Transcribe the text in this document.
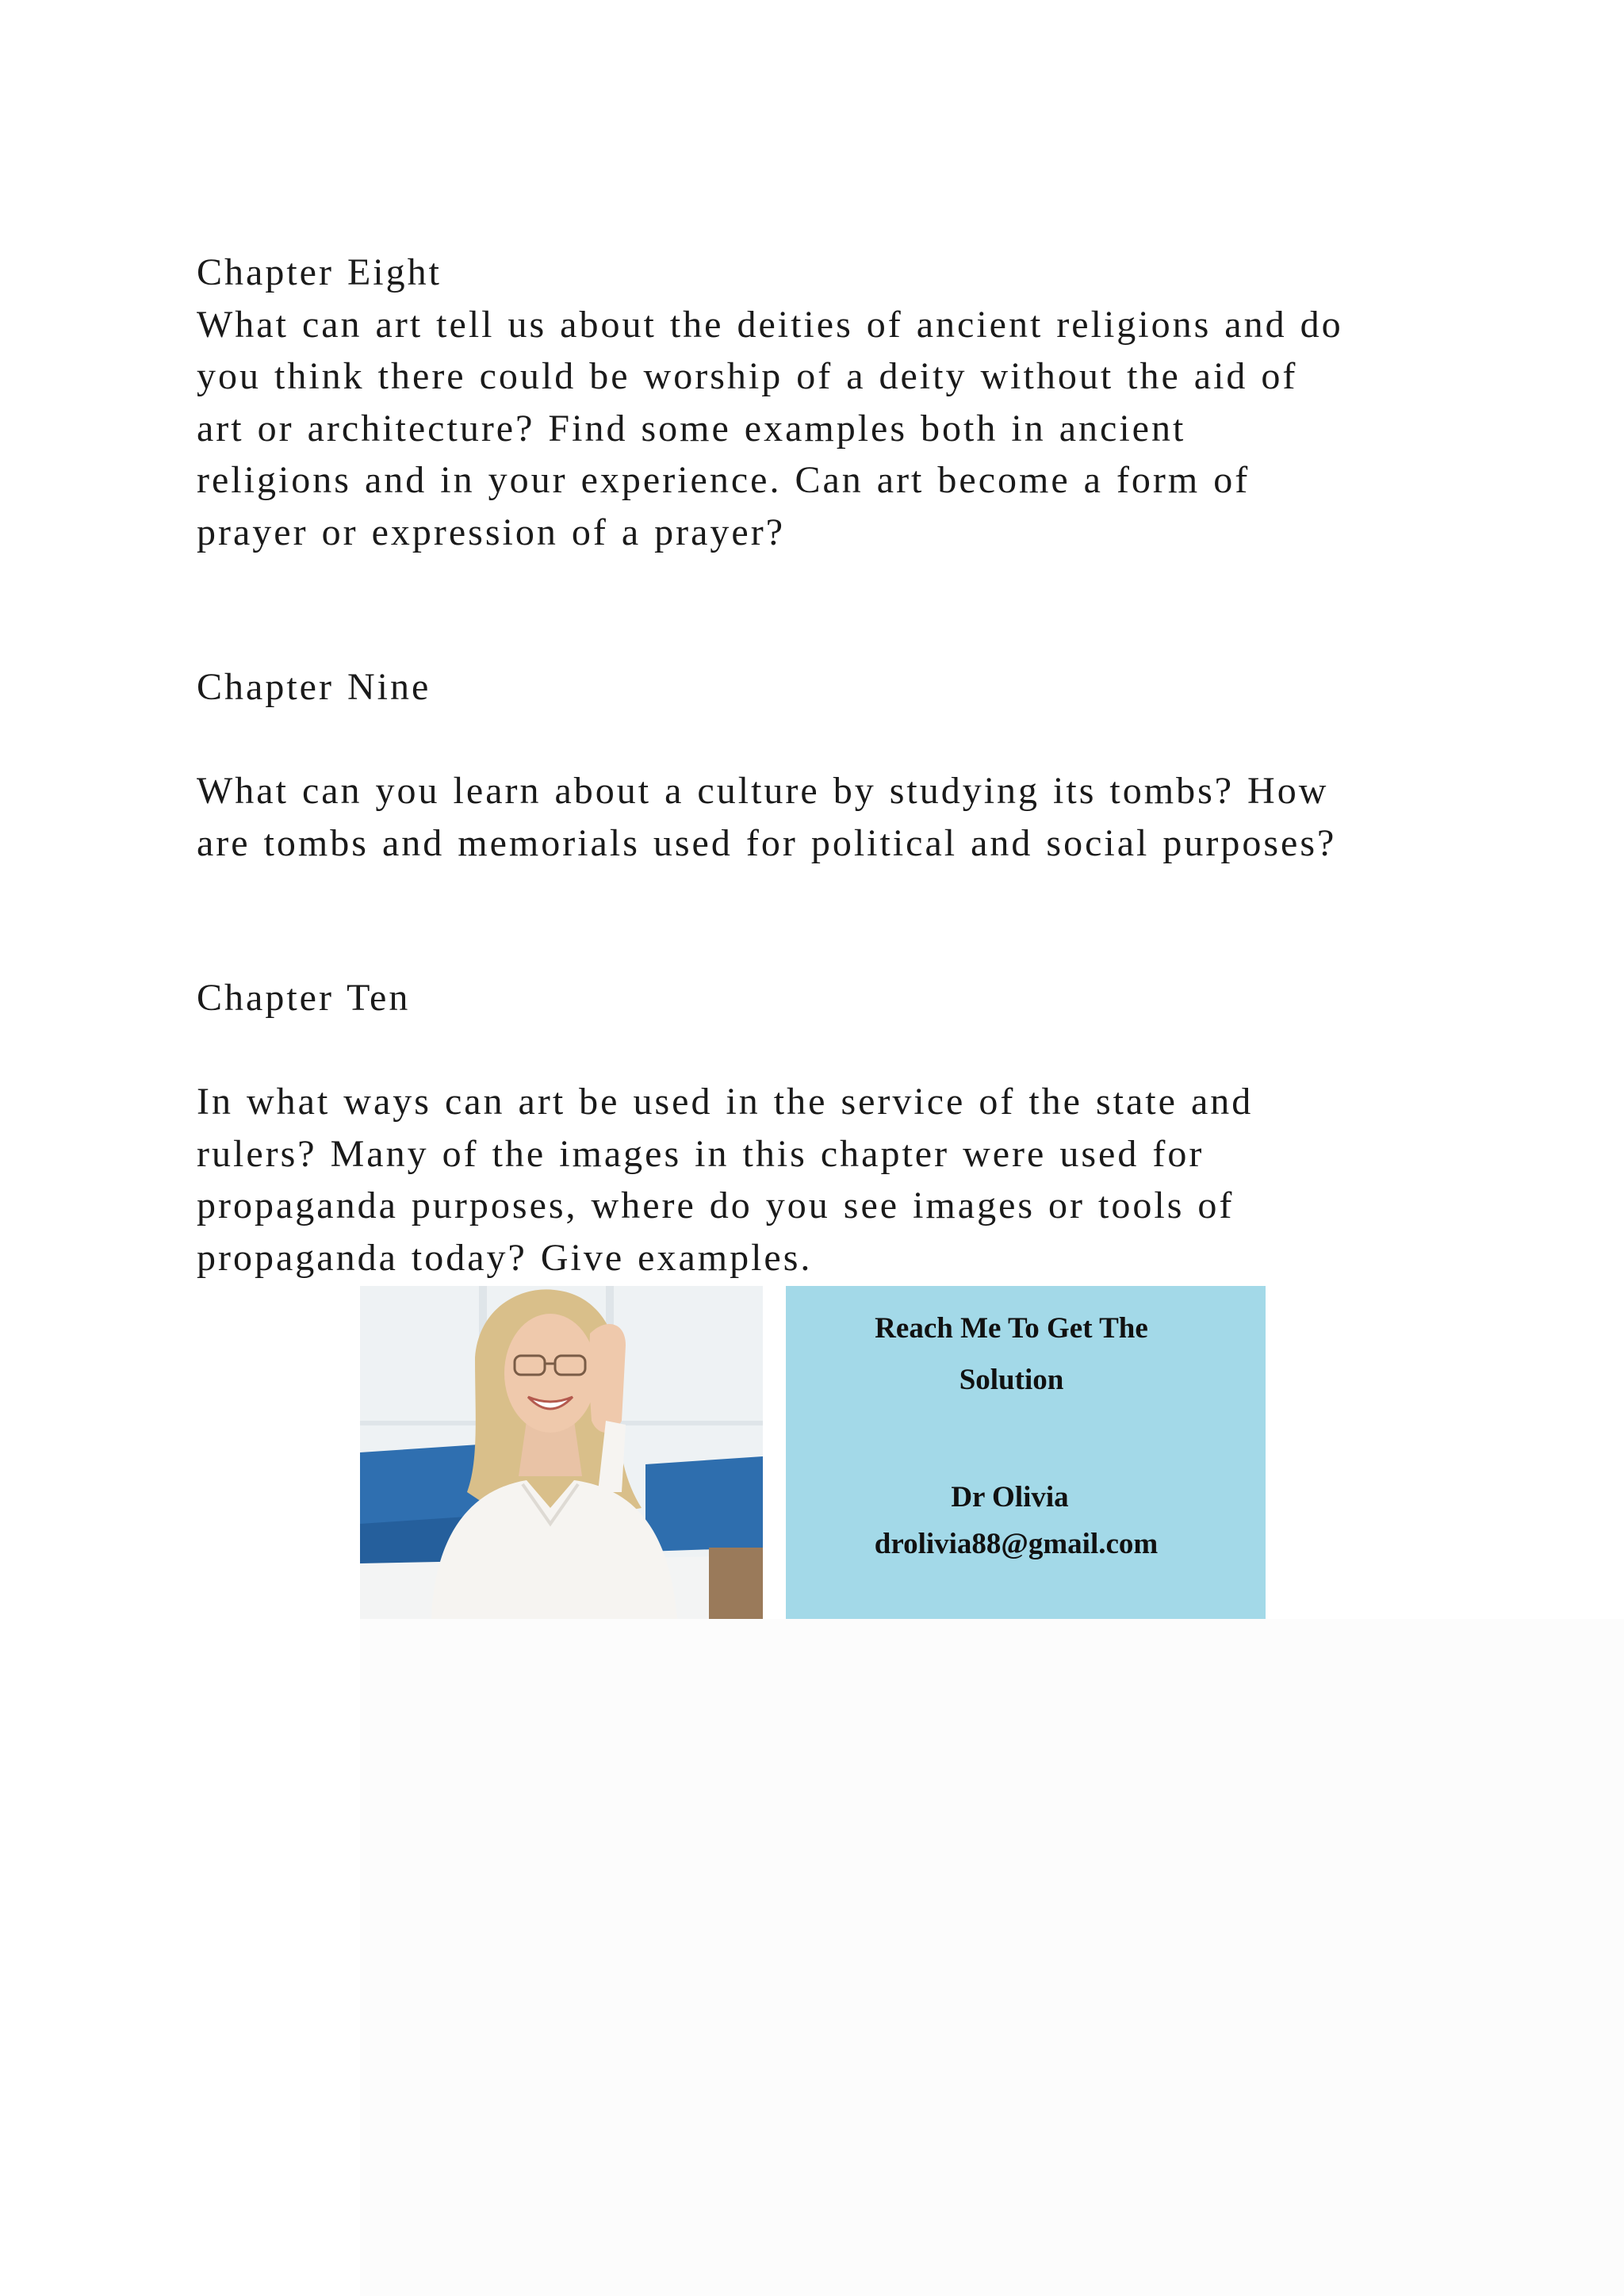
Chapter Eight

What can art tell us about the deities of ancient religions and do

you think there could be worship of a deity without the aid of

art or architecture? Find some examples both in ancient

religions and in your experience. Can art become a form of

prayer or expression of a prayer?

Chapter Nine

What can you learn about a culture by studying its tombs? How

are tombs and memorials used for political and social purposes?

Chapter Ten

In what ways can art be used in the service of the state and

rulers? Many of the images in this chapter were used for

propaganda purposes, where do you see images or tools of

propaganda today? Give examples.

Reach Me To Get The
Solution
Dr Olivia
drolivia88@gmail.com
